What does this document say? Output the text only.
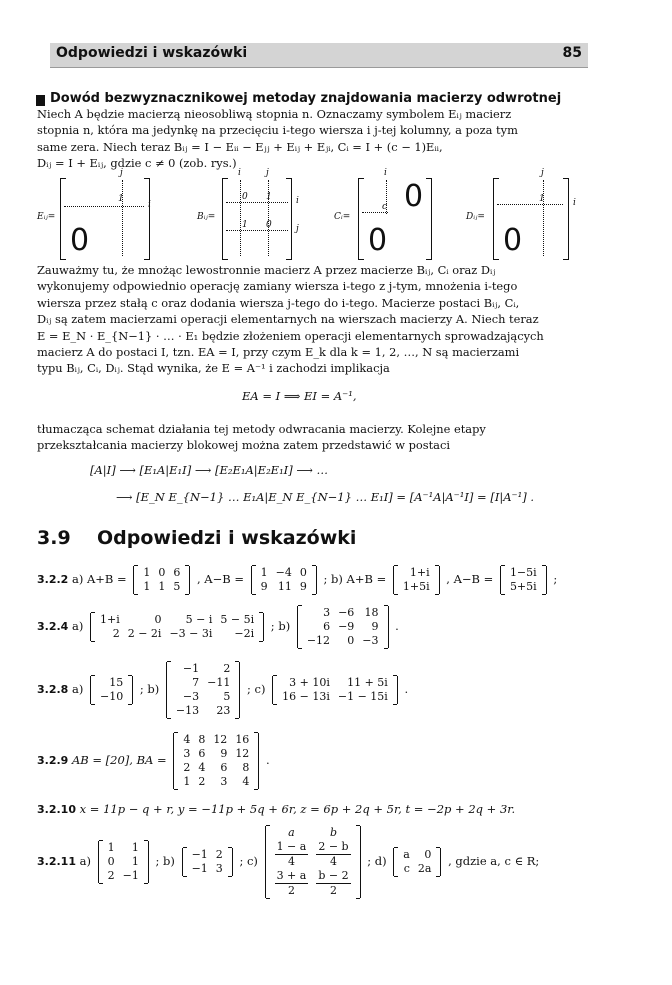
Odpowiedzi i wskazówki	85
Dowód bezwyznacznikowej metoday znajdowania macierzy odwrotnej

Niech A będzie macierzą nieosobliwą stopnia n. Oznaczamy symbolem Eᵢⱼ macierz
stopnia n, która ma jedynkę na przecięciu i-tego wiersza i j-tej kolumny, a poza tym
same zera. Niech teraz Bᵢⱼ = I − Eᵢᵢ − Eⱼⱼ + Eᵢⱼ + Eⱼᵢ, Cᵢ = I + (c − 1)Eᵢᵢ,
Dᵢⱼ = I + Eᵢⱼ, gdzie c ≠ 0 (zob. rys.)

Eᵢⱼ=
1
i
j
0
Bᵢⱼ=
0 1
1 0
i
j
i	j
Cᵢ=
c
i
0
0
Dᵢⱼ=
1	i
j
0

Zauważmy tu, że mnożąc lewostronnie macierz A przez macierze Bᵢⱼ, Cᵢ oraz Dᵢⱼ
wykonujemy odpowiednio operację zamiany wiersza i-tego z j-tym, mnożenia i-tego
wiersza przez stałą c oraz dodania wiersza j-tego do i-tego. Macierze postaci Bᵢⱼ, Cᵢ,
Dᵢⱼ są zatem macierzami operacji elementarnych na wierszach macierzy A. Niech teraz
E = E_N · E_{N−1} · … · E₁ będzie złożeniem operacji elementarnych sprowadzających
macierz A do postaci I, tzn. EA = I, przy czym E_k dla k = 1, 2, …, N są macierzami
typu Bᵢⱼ, Cᵢ, Dᵢⱼ. Stąd wynika, że E = A⁻¹ i zachodzi implikacja

EA = I ⟹ EI = A⁻¹,

tłumacząca schemat działania tej metody odwracania macierzy. Kolejne etapy
przekształcania macierzy blokowej można zatem przedstawić w postaci

[A|I] ⟶ [E₁A|E₁I] ⟶ [E₂E₁A|E₂E₁I] ⟶ …
⟶ [E_N E_{N−1} … E₁A|E_N E_{N−1} … E₁I] = [A⁻¹A|A⁻¹I] = [I|A⁻¹] .
3.9 Odpowiedzi i wskazówki
3.2.2 a) A+B = 1	0	6
1	1	5
, A−B = 1	−4	0
9	11	9
; b) A+B = 1+i
1+5i
, A−B = 1−5i
5+5i
;
3.2.4 a) 1+i	0	5 − i	5 − 5i
2	2 − 2i	−3 − 3i	−2i
; b)
3	−6	18
6	−9	9
−12	0	−3
.
3.2.8 a) 15
−10
; b)
−1	2
7	−11
−3	5
−13	23
; c) 3 + 10i	11 + 5i
16 − 13i	−1 − 15i
.
3.2.9 AB = [20], BA =
4	8	12	16
3	6	9	12
2	4	6	8
1	2	3	4
.
3.2.10 x = 11p − q + r, y = −11p + 5q + 6r, z = 6p + 2q + 5r, t = −2p + 2q + 3r.
3.2.11 a)
1	1
0	1
2	−1
; b) −1	2
−1	3
; c)
a	b

$\frac{1 - a}{4}$	$\frac{2 - b}{4}$

$\frac{3 + a}{2}$	$\frac{b - 2}{2}$
; d) a	0
c	2a
, gdzie a, c ∈ R;
